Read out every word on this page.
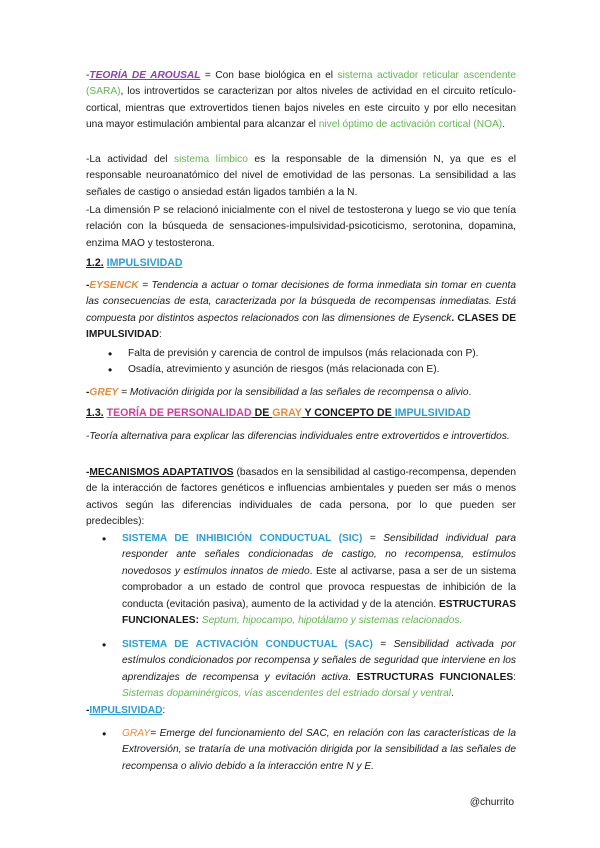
-TEORÍA DE AROUSAL = Con base biológica en el sistema activador reticular ascendente (SARA), los introvertidos se caracterizan por altos niveles de actividad en el circuito retículo-cortical, mientras que extrovertidos tienen bajos niveles en este circuito y por ello necesitan una mayor estimulación ambiental para alcanzar el nivel óptimo de activación cortical (NOA).

-La actividad del sistema límbico es la responsable de la dimensión N, ya que es el responsable neuroanatómico del nivel de emotividad de las personas. La sensibilidad a las señales de castigo o ansiedad están ligados también a la N.

-La dimensión P se relacionó inicialmente con el nivel de testosterona y luego se vio que tenía relación con la búsqueda de sensaciones-impulsividad-psicoticismo, serotonina, dopamina, enzima MAO y testosterona.

1.2. IMPULSIVIDAD

-EYSENCK = Tendencia a actuar o tomar decisiones de forma inmediata sin tomar en cuenta las consecuencias de esta, caracterizada por la búsqueda de recompensas inmediatas. Está compuesta por distintos aspectos relacionados con las dimensiones de Eysenck. CLASES DE IMPULSIVIDAD:

• Falta de previsión y carencia de control de impulsos (más relacionada con P).
• Osadía, atrevimiento y asunción de riesgos (más relacionada con E).

-GREY = Motivación dirigida por la sensibilidad a las señales de recompensa o alivio.

1.3. TEORÍA DE PERSONALIDAD DE GRAY Y CONCEPTO DE IMPULSIVIDAD

-Teoría alternativa para explicar las diferencias individuales entre extrovertidos e introvertidos.

-MECANISMOS ADAPTATIVOS (basados en la sensibilidad al castigo-recompensa, dependen de la interacción de factores genéticos e influencias ambientales y pueden ser más o menos activos según las diferencias individuales de cada persona, por lo que pueden ser predecibles):

• SISTEMA DE INHIBICIÓN CONDUCTUAL (SIC) = Sensibilidad individual para responder ante señales condicionadas de castigo, no recompensa, estímulos novedosos y estímulos innatos de miedo. Este al activarse, pasa a ser de un sistema comprobador a un estado de control que provoca respuestas de inhibición de la conducta (evitación pasiva), aumento de la actividad y de la atención. ESTRUCTURAS FUNCIONALES: Septum, hipocampo, hipotálamo y sistemas relacionados.
• SISTEMA DE ACTIVACIÓN CONDUCTUAL (SAC) = Sensibilidad activada por estímulos condicionados por recompensa y señales de seguridad que interviene en los aprendizajes de recompensa y evitación activa. ESTRUCTURAS FUNCIONALES: Sistemas dopaminérgicos, vías ascendentes del estriado dorsal y ventral.

-IMPULSIVIDAD:

• GRAY= Emerge del funcionamiento del SAC, en relación con las características de la Extroversión, se trataría de una motivación dirigida por la sensibilidad a las señales de recompensa o alivio debido a la interacción entre N y E.
@churrito
